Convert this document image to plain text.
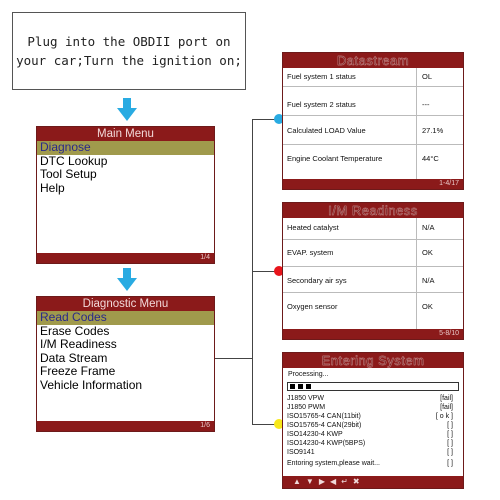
Plug into the OBDII port on
your car;Turn the ignition on;
Main Menu
Diagnose
DTC Lookup
Tool Setup
Help
1/4
Diagnostic Menu
Read Codes
Erase Codes
I/M Readiness
Data Stream
Freeze Frame
Vehicle Information
1/6
Datastream
Fuel system 1 status	OL
Fuel system 2 status	---
Calculated LOAD Value	27.1%
Engine Coolant Temperature	44°C
1-4/17
I/M Readiness
Heated catalyst	N/A
EVAP. system	OK
Secondary air sys	N/A
Oxygen sensor	OK
5-8/10
Entering System
Processing...
J1850 VPW	[fail]
J1850 PWM	[fail]
ISO15765-4 CAN(11bit)	[ o k ]
ISO15765-4 CAN(29bit)	[ ]
ISO14230-4 KWP	[ ]
ISO14230-4 KWP(5BPS)	[ ]
ISO9141	[ ]
Entoring system,please wait...	[ ]
▲▼▶◀↵✖
